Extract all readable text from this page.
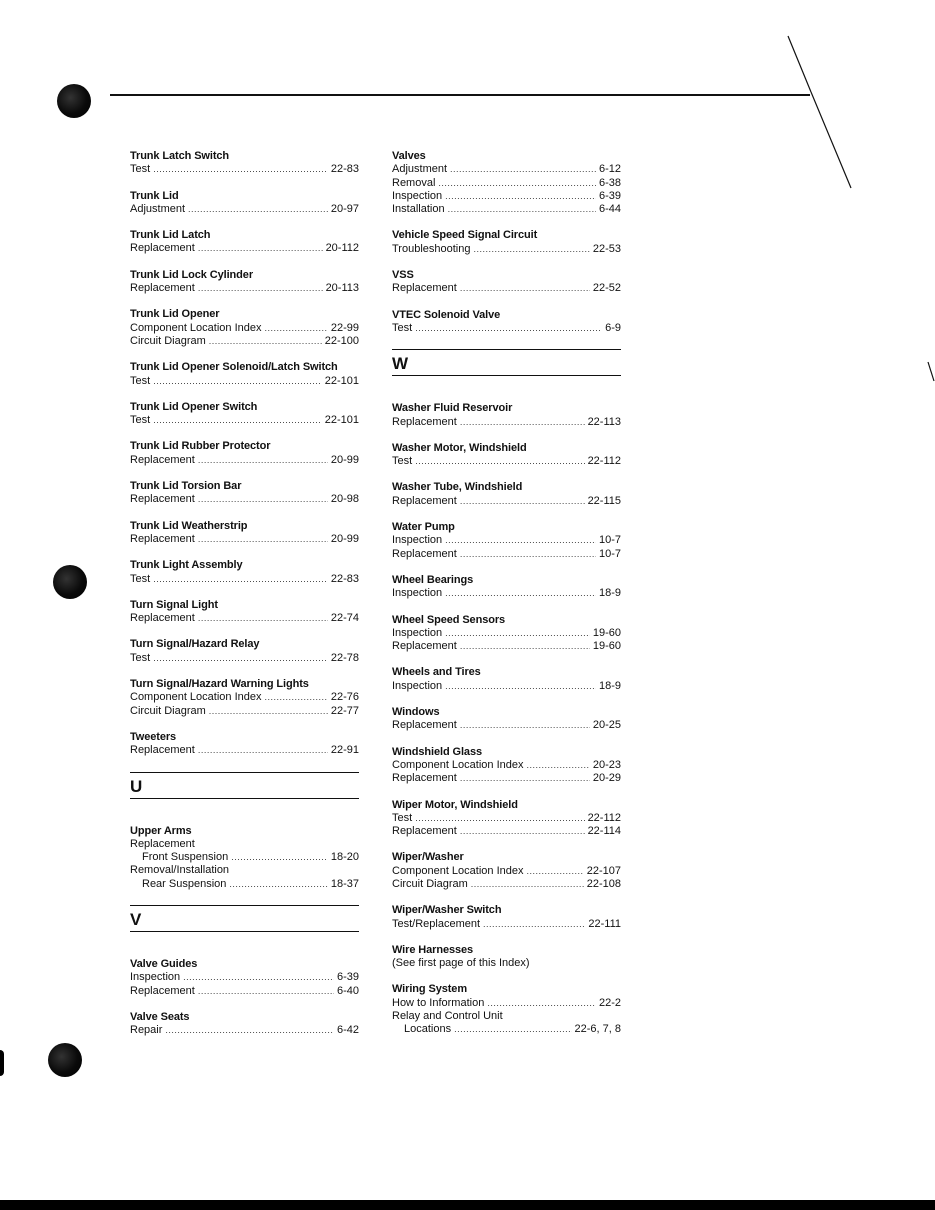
Trunk Latch Switch
Test .....	22-83
Trunk Lid
Adjustment .....	20-97
Trunk Lid Latch
Replacement .....	20-112
Trunk Lid Lock Cylinder
Replacement .....	20-113
Trunk Lid Opener
Component Location Index .....	22-99
Circuit Diagram .....	22-100
Trunk Lid Opener Solenoid/Latch Switch
Test .....	22-101
Trunk Lid Opener Switch
Test .....	22-101
Trunk Lid Rubber Protector
Replacement .....	20-99
Trunk Lid Torsion Bar
Replacement .....	20-98
Trunk Lid Weatherstrip
Replacement .....	20-99
Trunk Light Assembly
Test .....	22-83
Turn Signal Light
Replacement .....	22-74
Turn Signal/Hazard Relay
Test .....	22-78
Turn Signal/Hazard Warning Lights
Component Location Index .....	22-76
Circuit Diagram .....	22-77
Tweeters
Replacement .....	22-91
U
Upper Arms
Replacement
Front Suspension .....	18-20
Removal/Installation
Rear Suspension .....	18-37
V
Valve Guides
Inspection .....	6-39
Replacement .....	6-40
Valve Seats
Repair .....	6-42
Valves
Adjustment .....	6-12
Removal .....	6-38
Inspection .....	6-39
Installation .....	6-44
Vehicle Speed Signal Circuit
Troubleshooting .....	22-53
VSS
Replacement .....	22-52
VTEC Solenoid Valve
Test .....	6-9
W
Washer Fluid Reservoir
Replacement .....	22-113
Washer Motor, Windshield
Test .....	22-112
Washer Tube, Windshield
Replacement .....	22-115
Water Pump
Inspection .....	10-7
Replacement .....	10-7
Wheel Bearings
Inspection .....	18-9
Wheel Speed Sensors
Inspection .....	19-60
Replacement .....	19-60
Wheels and Tires
Inspection .....	18-9
Windows
Replacement .....	20-25
Windshield Glass
Component Location Index .....	20-23
Replacement .....	20-29
Wiper Motor, Windshield
Test .....	22-112
Replacement .....	22-114
Wiper/Washer
Component Location Index .....	22-107
Circuit Diagram .....	22-108
Wiper/Washer Switch
Test/Replacement .....	22-111
Wire Harnesses
(See first page of this Index)
Wiring System
How to Information .....	22-2
Relay and Control Unit
Locations .....	22-6, 7, 8
